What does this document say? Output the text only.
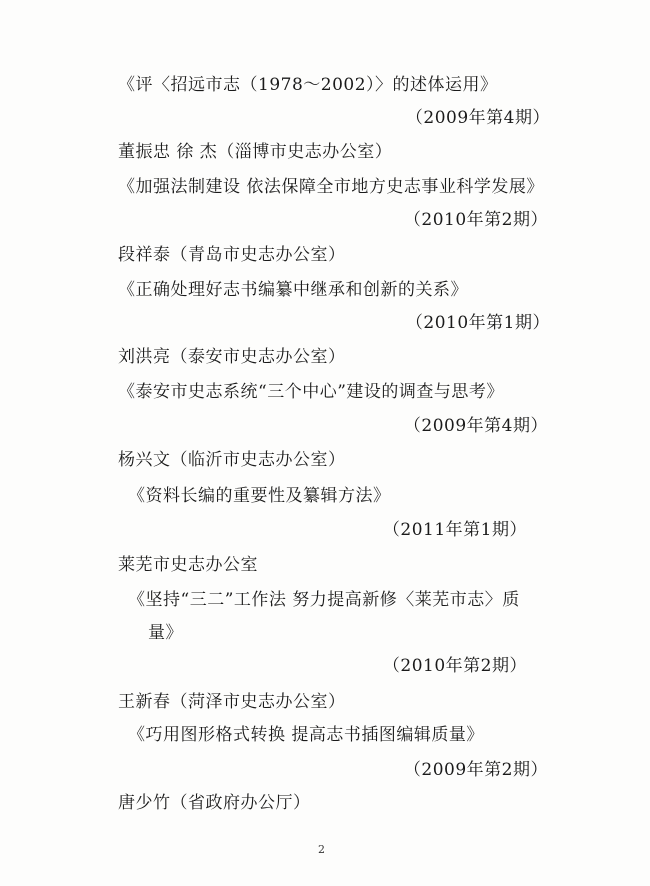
《评〈招远市志（1978～2002）〉的述体运用》
（2009年第4期）
董振忠 徐 杰（淄博市史志办公室）
《加强法制建设 依法保障全市地方史志事业科学发展》
（2010年第2期）
段祥泰（青岛市史志办公室）
《正确处理好志书编纂中继承和创新的关系》
（2010年第1期）
刘洪亮（泰安市史志办公室）
《泰安市史志系统“三个中心”建设的调查与思考》
（2009年第4期）
杨兴文（临沂市史志办公室）
《资料长编的重要性及纂辑方法》
（2011年第1期）
莱芜市史志办公室
《坚持“三二”工作法 努力提高新修〈莱芜市志〉质
量》
（2010年第2期）
王新春（菏泽市史志办公室）
《巧用图形格式转换 提高志书插图编辑质量》
（2009年第2期）
唐少竹（省政府办公厅）
2
